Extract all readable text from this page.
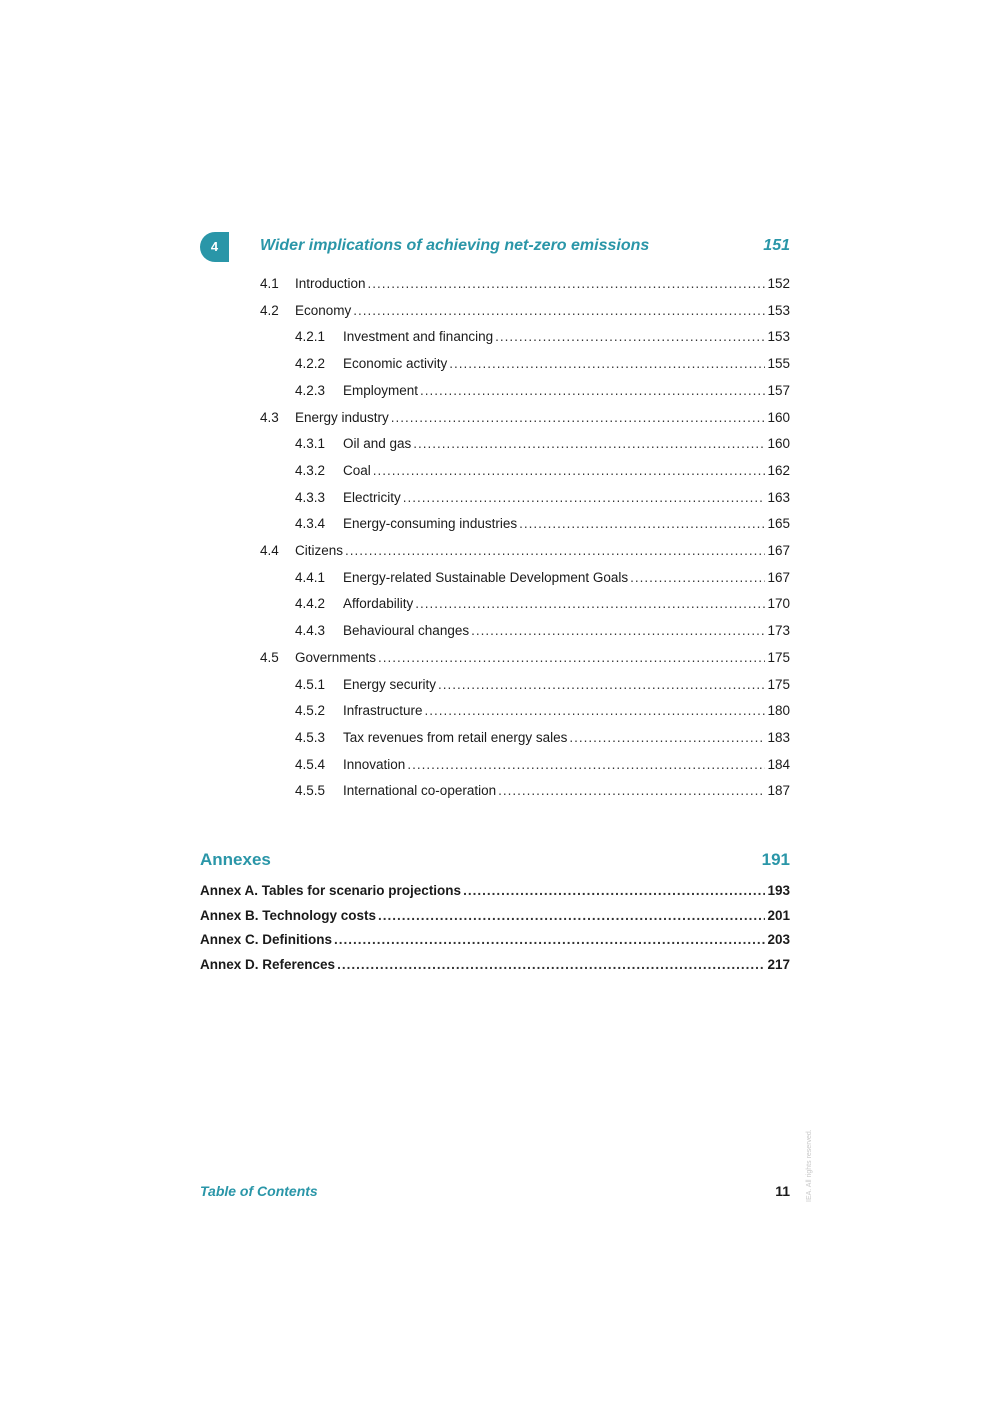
4	Wider implications of achieving net-zero emissions	151
4.1	Introduction .....	152
4.2	Economy .....	153
4.2.1	Investment and financing .....	153
4.2.2	Economic activity .....	155
4.2.3	Employment .....	157
4.3	Energy industry .....	160
4.3.1	Oil and gas .....	160
4.3.2	Coal .....	162
4.3.3	Electricity .....	163
4.3.4	Energy-consuming industries .....	165
4.4	Citizens .....	167
4.4.1	Energy-related Sustainable Development Goals .....	167
4.4.2	Affordability .....	170
4.4.3	Behavioural changes .....	173
4.5	Governments .....	175
4.5.1	Energy security .....	175
4.5.2	Infrastructure .....	180
4.5.3	Tax revenues from retail energy sales .....	183
4.5.4	Innovation .....	184
4.5.5	International co-operation .....	187
Annexes	191
Annex A. Tables for scenario projections .....	193
Annex B. Technology costs .....	201
Annex C. Definitions .....	203
Annex D. References .....	217
Table of Contents	11 IEA. All rights reserved.
